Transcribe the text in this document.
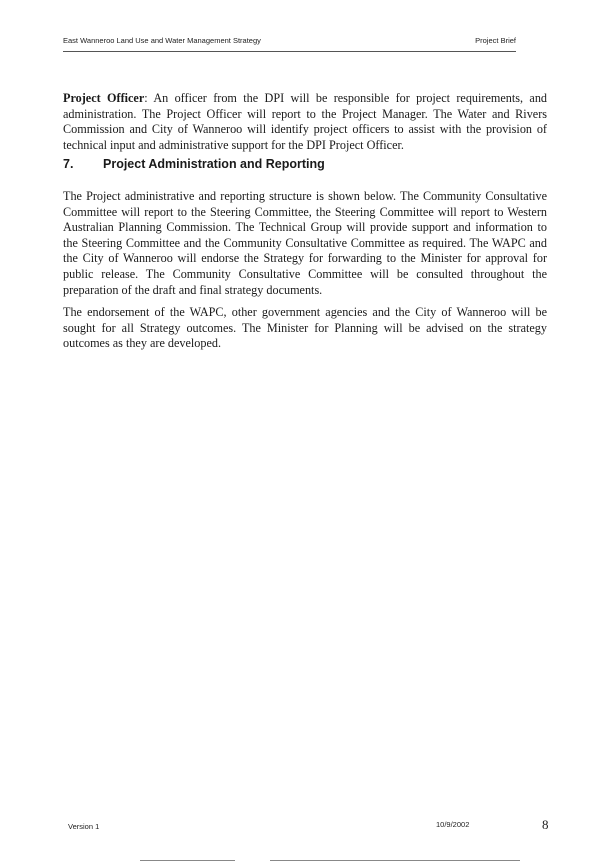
East Wanneroo Land Use and Water Management Strategy	Project Brief

Project Officer: An officer from the DPI will be responsible for project requirements, and administration. The Project Officer will report to the Project Manager. The Water and Rivers Commission and City of Wanneroo will identify project officers to assist with the provision of technical input and administrative support for the DPI Project Officer.

7. Project Administration and Reporting

The Project administrative and reporting structure is shown below. The Community Consultative Committee will report to the Steering Committee, the Steering Committee will report to Western Australian Planning Commission. The Technical Group will provide support and information to the Steering Committee and the Community Consultative Committee as required. The WAPC and the City of Wanneroo will endorse the Strategy for forwarding to the Minister for approval for public release. The Community Consultative Committee will be consulted throughout the preparation of the draft and final strategy documents.

The endorsement of the WAPC, other government agencies and the City of Wanneroo will be sought for all Strategy outcomes. The Minister for Planning will be advised on the strategy outcomes as they are developed.

Version 1	10/9/2002	8
